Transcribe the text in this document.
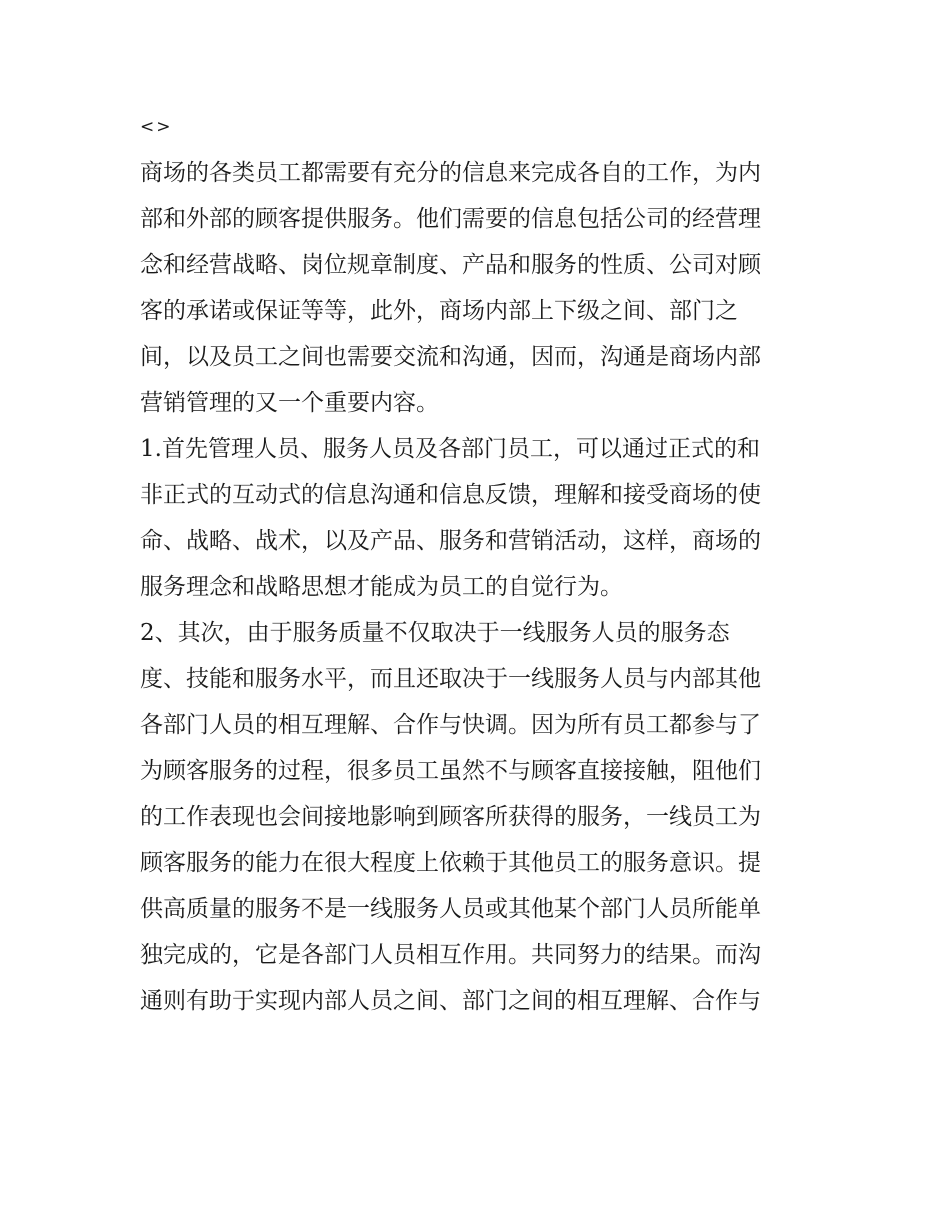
<>
商场的各类员工都需要有充分的信息来完成各自的工作，为内
部和外部的顾客提供服务。他们需要的信息包括公司的经营理
念和经营战略、岗位规章制度、产品和服务的性质、公司对顾
客的承诺或保证等等，此外，商场内部上下级之间、部门之
间，以及员工之间也需要交流和沟通，因而，沟通是商场内部
营销管理的又一个重要内容。
1.首先管理人员、服务人员及各部门员工，可以通过正式的和
非正式的互动式的信息沟通和信息反馈，理解和接受商场的使
命、战略、战术，以及产品、服务和营销活动，这样，商场的
服务理念和战略思想才能成为员工的自觉行为。
2、其次，由于服务质量不仅取决于一线服务人员的服务态
度、技能和服务水平，而且还取决于一线服务人员与内部其他
各部门人员的相互理解、合作与快调。因为所有员工都参与了
为顾客服务的过程，很多员工虽然不与顾客直接接触，阻他们
的工作表现也会间接地影响到顾客所获得的服务，一线员工为
顾客服务的能力在很大程度上依赖于其他员工的服务意识。提
供高质量的服务不是一线服务人员或其他某个部门人员所能单
独完成的，它是各部门人员相互作用。共同努力的结果。而沟
通则有助于实现内部人员之间、部门之间的相互理解、合作与
